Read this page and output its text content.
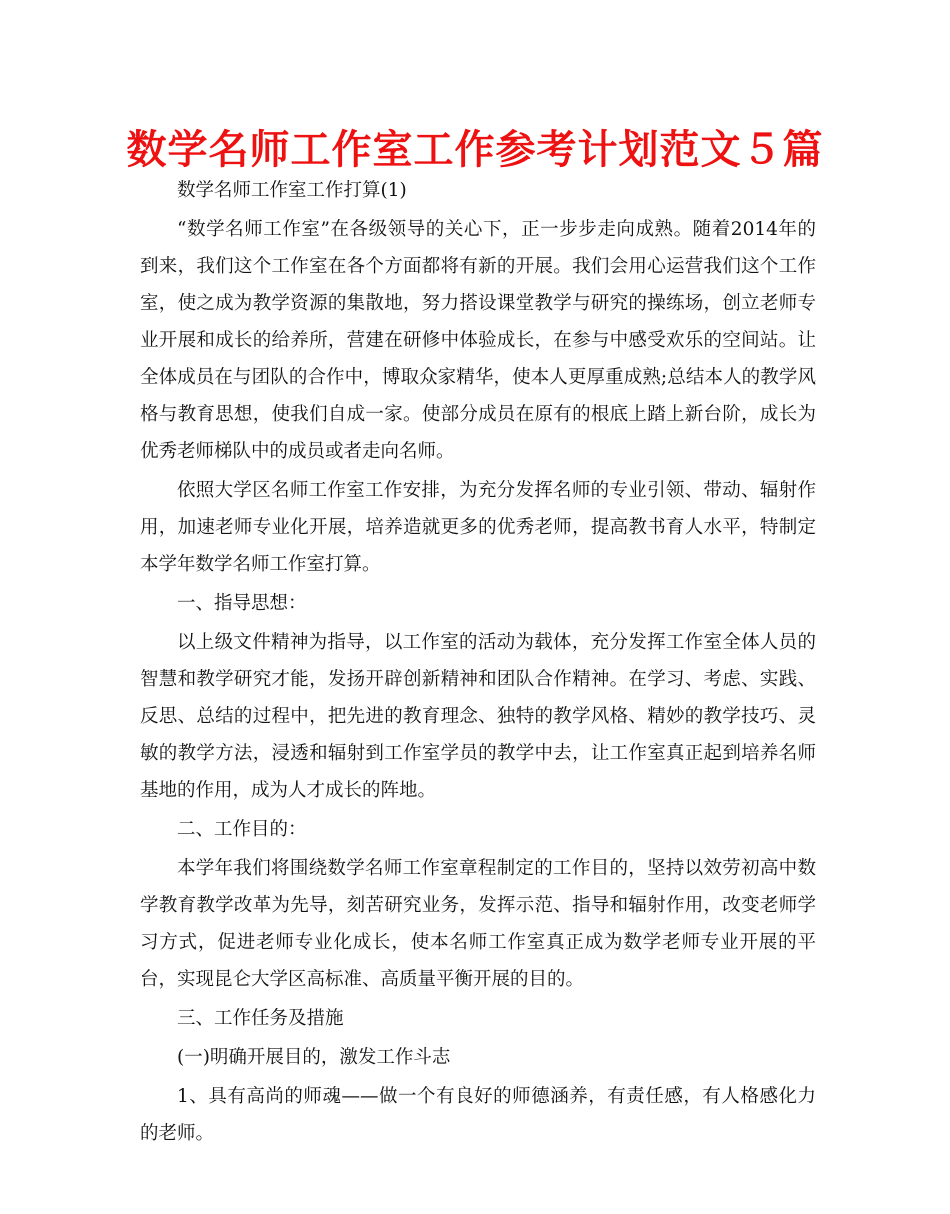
数学名师工作室工作参考计划范文５篇

数学名师工作室工作打算(1)

“数学名师工作室”在各级领导的关心下，正一步步走向成熟。随着2014年的到来，我们这个工作室在各个方面都将有新的开展。我们会用心运营我们这个工作室，使之成为教学资源的集散地，努力搭设课堂教学与研究的操练场，创立老师专业开展和成长的给养所，营建在研修中体验成长，在参与中感受欢乐的空间站。让全体成员在与团队的合作中，博取众家精华，使本人更厚重成熟;总结本人的教学风格与教育思想，使我们自成一家。使部分成员在原有的根底上踏上新台阶，成长为优秀老师梯队中的成员或者走向名师。

依照大学区名师工作室工作安排，为充分发挥名师的专业引领、带动、辐射作用，加速老师专业化开展，培养造就更多的优秀老师，提高教书育人水平，特制定本学年数学名师工作室打算。

一、指导思想：

以上级文件精神为指导，以工作室的活动为载体，充分发挥工作室全体人员的智慧和教学研究才能，发扬开辟创新精神和团队合作精神。在学习、考虑、实践、反思、总结的过程中，把先进的教育理念、独特的教学风格、精妙的教学技巧、灵敏的教学方法，浸透和辐射到工作室学员的教学中去，让工作室真正起到培养名师基地的作用，成为人才成长的阵地。

二、工作目的：

本学年我们将围绕数学名师工作室章程制定的工作目的，坚持以效劳初高中数学教育教学改革为先导，刻苦研究业务，发挥示范、指导和辐射作用，改变老师学习方式，促进老师专业化成长，使本名师工作室真正成为数学老师专业开展的平台，实现昆仑大学区高标准、高质量平衡开展的目的。

三、工作任务及措施

(一)明确开展目的，激发工作斗志

1、具有高尚的师魂——做一个有良好的师德涵养，有责任感，有人格感化力的老师。
